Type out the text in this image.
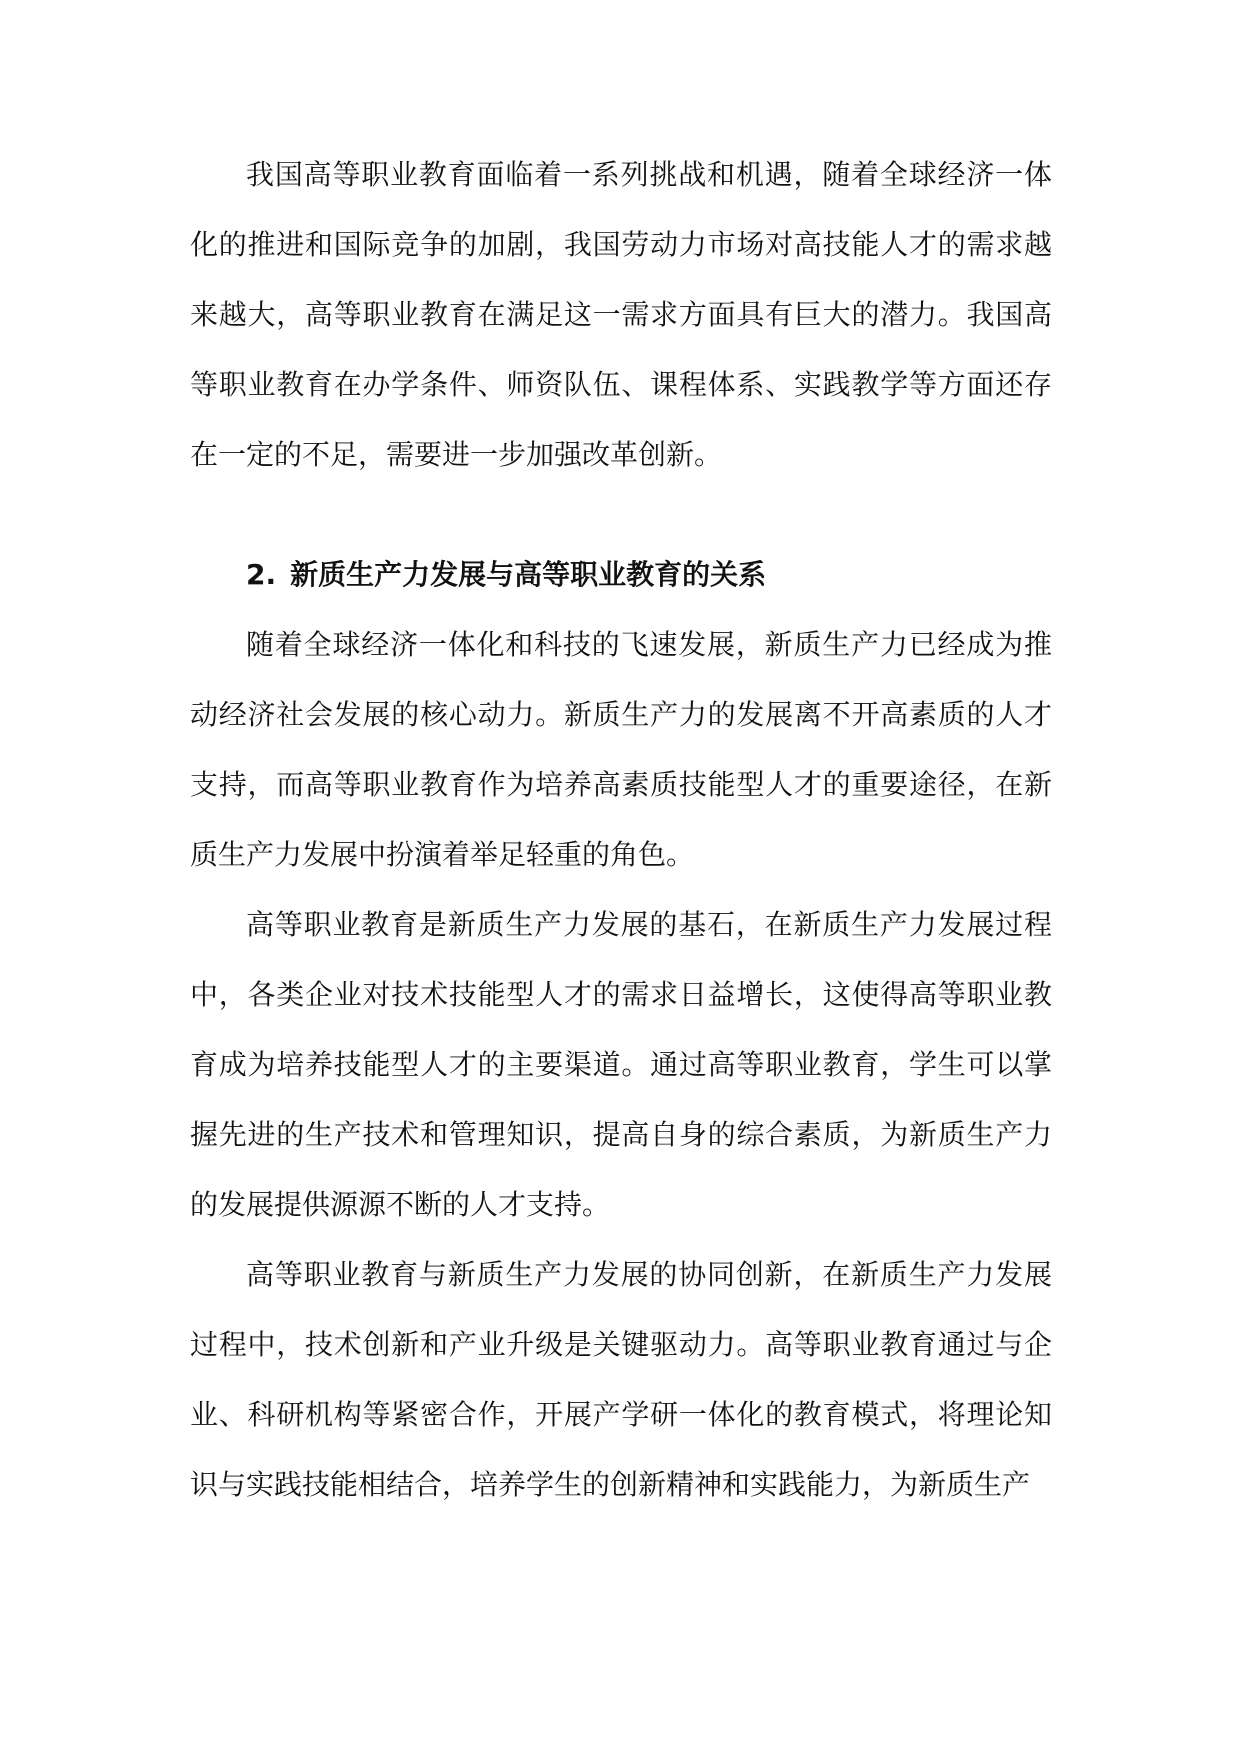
我国高等职业教育面临着一系列挑战和机遇，随着全球经济一体化的推进和国际竞争的加剧，我国劳动力市场对高技能人才的需求越来越大，高等职业教育在满足这一需求方面具有巨大的潜力。我国高等职业教育在办学条件、师资队伍、课程体系、实践教学等方面还存在一定的不足，需要进一步加强改革创新。

2. 新质生产力发展与高等职业教育的关系

随着全球经济一体化和科技的飞速发展，新质生产力已经成为推动经济社会发展的核心动力。新质生产力的发展离不开高素质的人才支持，而高等职业教育作为培养高素质技能型人才的重要途径，在新质生产力发展中扮演着举足轻重的角色。

高等职业教育是新质生产力发展的基石，在新质生产力发展过程中，各类企业对技术技能型人才的需求日益增长，这使得高等职业教育成为培养技能型人才的主要渠道。通过高等职业教育，学生可以掌握先进的生产技术和管理知识，提高自身的综合素质，为新质生产力的发展提供源源不断的人才支持。

高等职业教育与新质生产力发展的协同创新，在新质生产力发展过程中，技术创新和产业升级是关键驱动力。高等职业教育通过与企业、科研机构等紧密合作，开展产学研一体化的教育模式，将理论知识与实践技能相结合，培养学生的创新精神和实践能力，为新质生产
